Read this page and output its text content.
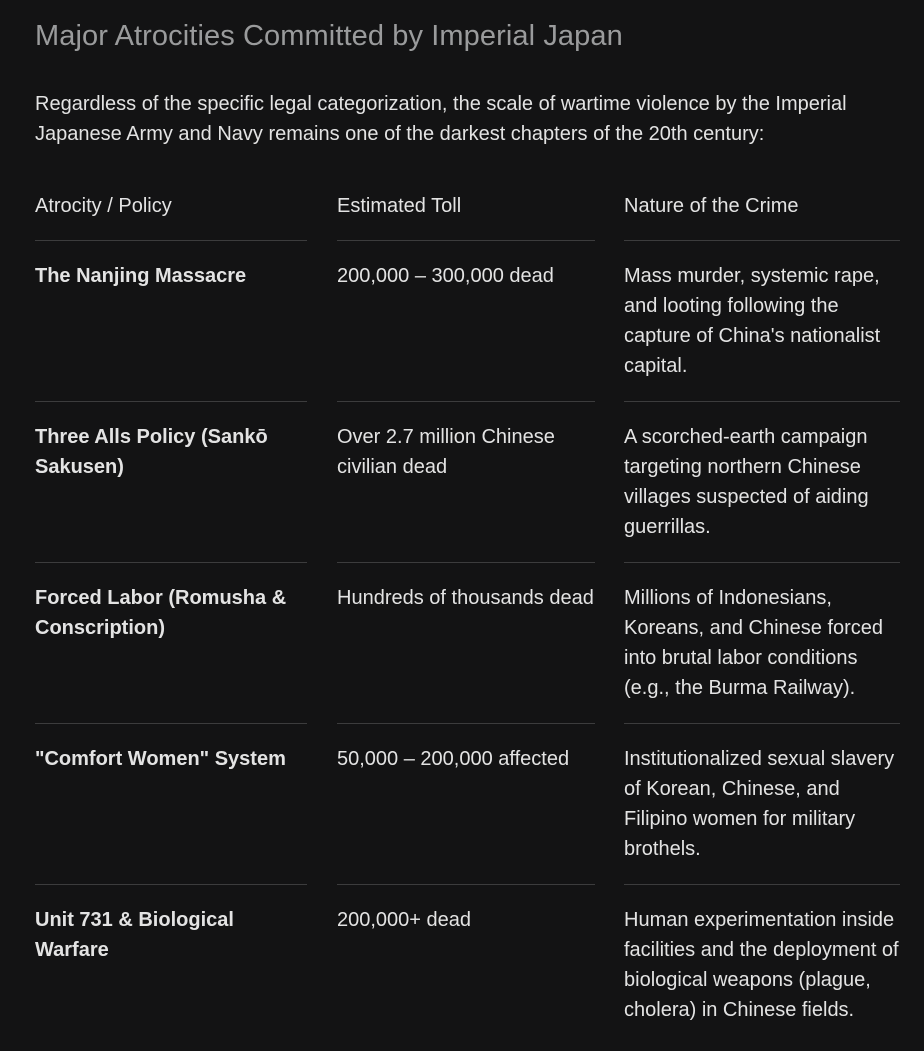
Major Atrocities Committed by Imperial Japan

Regardless of the specific legal categorization, the scale of wartime violence by the Imperial Japanese Army and Navy remains one of the darkest chapters of the 20th century:

Atrocity / Policy	Estimated Toll	Nature of the Crime

The Nanjing Massacre	200,000 – 300,000 dead	Mass murder, systemic rape, and looting following the capture of China's nationalist capital.

Three Alls Policy (Sankō Sakusen)	Over 2.7 million Chinese civilian dead	A scorched-earth campaign targeting northern Chinese villages suspected of aiding guerrillas.

Forced Labor (Romusha & Conscription)	Hundreds of thousands dead	Millions of Indonesians, Koreans, and Chinese forced into brutal labor conditions (e.g., the Burma Railway).

"Comfort Women" System	50,000 – 200,000 affected	Institutionalized sexual slavery of Korean, Chinese, and Filipino women for military brothels.

Unit 731 & Biological Warfare	200,000+ dead	Human experimentation inside facilities and the deployment of biological weapons (plague, cholera) in Chinese fields.
